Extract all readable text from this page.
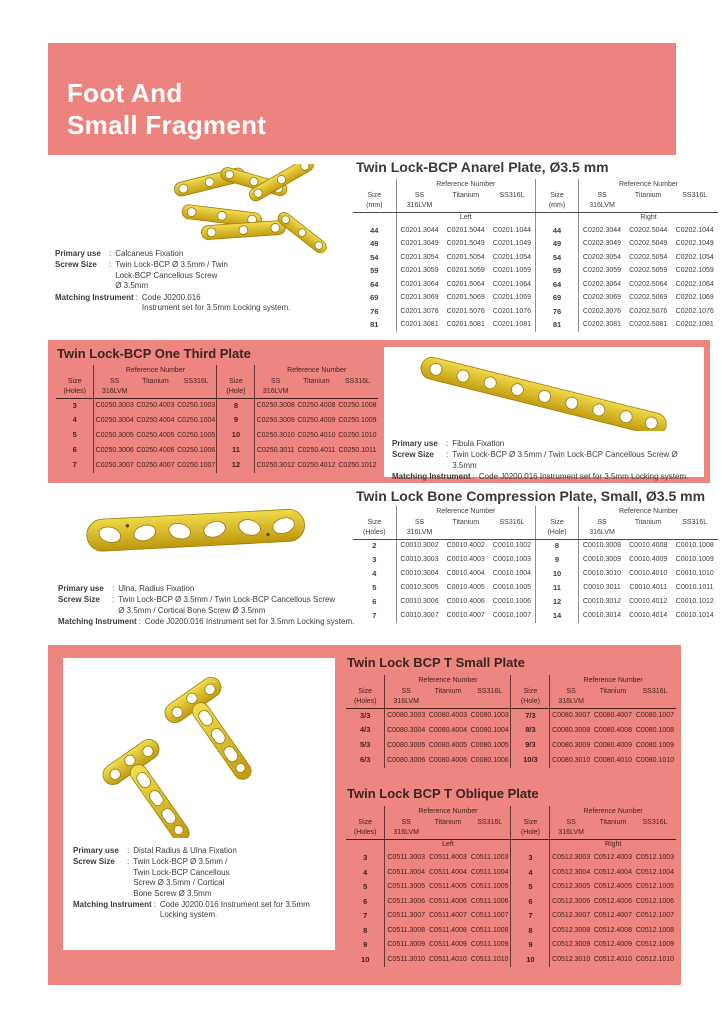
Foot And
Small Fragment
Twin Lock-BCP Anarel Plate, Ø3.5 mm
Primary use	: Calcaneus Fixation
Screw Size	: Twin Lock-BCP Ø 3.5mm / Twin
Lock-BCP Cancellous Screw
Ø 3.5mm
Matching Instrument : Code J0200.016
Instrument set for 3.5mm Locking system.
	Reference Number				Reference Number		
Size	SS	Titanium	SS316L	Size	SS	Titanium	SS316L
(mm)	316LVM			(mm)	316LVM		
	Left				Right		
44	C0201.3044	C0201.5044	C0201.1044	44	C0202.3044	C0202.5044	C0202.1044
49	C0201.3049	C0201.5049	C0201.1049	49	C0202.3049	C0202.5049	C0202.1049
54	C0201.3054	C0201.5054	C0201.1054	54	C0202.3054	C0202.5054	C0202.1054
59	C0201.3059	C0201.5059	C0201.1059	59	C0202.3059	C0202.5059	C0202.1059
64	C0201.3064	C0201.5064	C0201.1064	64	C0202.3064	C0202.5064	C0202.1064
69	C0201.3069	C0201.5069	C0201.1069	69	C0202.3069	C0202.5069	C0202.1069
76	C0201.3076	C0201.5076	C0201.1076	76	C0202.3076	C0202.5076	C0202.1076
81	C0201.3081	C0201.5081	C0201.1081	81	C0202.3081	C0202.5081	C0202.1081
Twin Lock-BCP One Third Plate
	Reference Number				Reference Number		
Size	SS	Titanium	SS316L	Size	SS	Titanium	SS316L
(Holes)	316LVM			(Hole)	316LVM		
3	C0250.3003	C0250.4003	C0250.1003	8	C0250.3008	C0250.4008	C0250.1008
4	C0250.3004	C0250.4004	C0250.1004	9	C0250.3009	C0250.4009	C0250.1009
5	C0250.3005	C0250.4005	C0250.1005	10	C0250.3010	C0250.4010	C0250.1010
6	C0250.3006	C0250.4006	C0250.1006	11	C0250.3011	C0250.4011	C0250.1011
7	C0250.3007	C0250.4007	C0250.1007	12	C0250.3012	C0250.4012	C0250.1012
Primary use	: Fibula Fixation
Screw Size	: Twin Lock-BCP Ø 3.5mm / Twin Lock-BCP Cancellous Screw Ø 3.5mm
Matching Instrument : Code J0200.016 Instrument set for 3.5mm Locking system.
Twin Lock Bone Compression Plate, Small, Ø3.5 mm
Primary use	: Ulna, Radius Fixation
Screw Size	: Twin Lock-BCP Ø 3.5mm / Twin Lock-BCP Cancellous Screw
Ø 3.5mm / Cortical Bone Screw Ø 3.5mm
Matching Instrument : Code J0200.016 Instrument set for 3.5mm Locking system.
	Reference Number				Reference Number		
Size	SS	Titanium	SS316L	Size	SS	Titanium	SS316L
(Holes)	316LVM			(Hole)	316LVM		
2	C0010.3002	C0010.4002	C0010.1002	8	C0010.3008	C0010.4008	C0010.1008
3	C0010.3003	C0010.4003	C0010.1003	9	C0010.3009	C0010.4009	C0010.1009
4	C0010.3004	C0010.4004	C0010.1004	10	C0010.3010	C0010.4010	C0010.1010
5	C0010.3005	C0010.4005	C0010.1005	11	C0010.3011	C0010.4011	C0010.1011
6	C0010.3006	C0010.4006	C0010.1006	12	C0010.3012	C0010.4012	C0010.1012
7	C0010.3007	C0010.4007	C0010.1007	14	C0010.3014	C0010.4014	C0010.1014
Primary use	: Distal Radius & Ulna Fixation
Screw Size	: Twin Lock-BCP Ø 3.5mm /
Twin Lock-BCP Cancellous
Screw Ø 3.5mm / Cortical
Bone Screw Ø 3.5mm
Matching Instrument : Code J0200.016 Instrument set for 3.5mm
Locking system.
Twin Lock BCP T Small Plate
	Reference Number				Reference Number		
Size	SS	Titanium	SS316L	Size	SS	Titanium	SS316L
(Holes)	316LVM			(Hole)	316LVM		
3/3	C0080.3003	C0080.4003	C0080.1003	7/3	C0080.3007	C0080.4007	C0080.1007
4/3	C0080.3004	C0080.4004	C0080.1004	8/3	C0080.3008	C0080.4008	C0080.1008
5/3	C0080.3005	C0080.4005	C0080.1005	9/3	C0080.3009	C0080.4009	C0080.1009
6/3	C0080.3006	C0080.4006	C0080.1006	10/3	C0080.3010	C0080.4010	C0080.1010
Twin Lock BCP T Oblique Plate
	Reference Number				Reference Number		
Size	SS	Titanium	SS316L	Size	SS	Titanium	SS316L
(Holes)	316LVM			(Hole)	316LVM		
	Left				Right		
3	C0511.3003	C0511.4003	C0511.1003	3	C0512.3003	C0512.4003	C0512.1003
4	C0511.3004	C0511.4004	C0511.1004	4	C0512.3004	C0512.4004	C0512.1004
5	C0511.3005	C0511.4005	C0511.1005	5	C0512.3005	C0512.4005	C0512.1005
6	C0511.3006	C0511.4006	C0511.1006	6	C0512.3006	C0512.4006	C0512.1006
7	C0511.3007	C0511.4007	C0511.1007	7	C0512.3007	C0512.4007	C0512.1007
8	C0511.3008	C0511.4008	C0511.1008	8	C0512.3008	C0512.4008	C0512.1008
9	C0511.3009	C0511.4009	C0511.1009	9	C0512.3009	C0512.4009	C0512.1009
10	C0511.3010	C0511.4010	C0511.1010	10	C0512.3010	C0512.4010	C0512.1010
